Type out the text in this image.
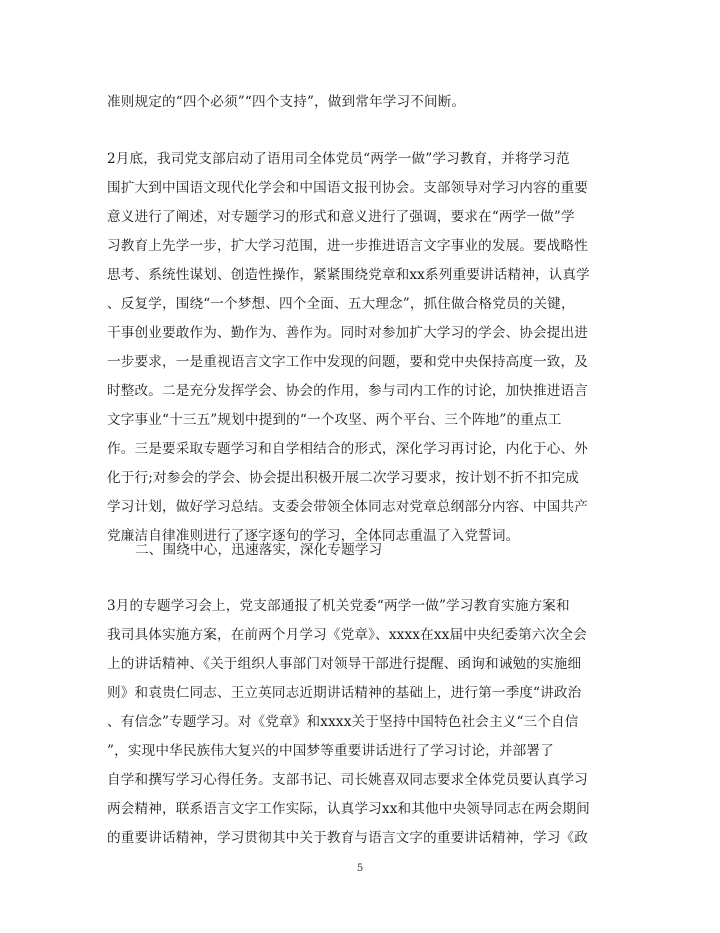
准则规定的“四个必须”“四个支持”，做到常年学习不间断。
2月底，我司党支部启动了语用司全体党员“两学一做”学习教育，并将学习范
围扩大到中国语文现代化学会和中国语文报刊协会。支部领导对学习内容的重要
意义进行了阐述，对专题学习的形式和意义进行了强调，要求在“两学一做”学
习教育上先学一步，扩大学习范围，进一步推进语言文字事业的发展。要战略性
思考、系统性谋划、创造性操作，紧紧围绕党章和xx系列重要讲话精神，认真学
、反复学，围绕“一个梦想、四个全面、五大理念”，抓住做合格党员的关键，
干事创业要敢作为、勤作为、善作为。同时对参加扩大学习的学会、协会提出进
一步要求，一是重视语言文字工作中发现的问题，要和党中央保持高度一致，及
时整改。二是充分发挥学会、协会的作用，参与司内工作的讨论，加快推进语言
文字事业“十三五”规划中提到的“一个攻坚、两个平台、三个阵地”的重点工
作。三是要采取专题学习和自学相结合的形式，深化学习再讨论，内化于心、外
化于行;对参会的学会、协会提出积极开展二次学习要求，按计划不折不扣完成
学习计划，做好学习总结。支委会带领全体同志对党章总纲部分内容、中国共产
党廉洁自律准则进行了逐字逐句的学习，全体同志重温了入党誓词。
二、围绕中心，迅速落实，深化专题学习
3月的专题学习会上，党支部通报了机关党委“两学一做”学习教育实施方案和
我司具体实施方案，在前两个月学习《党章》、xxxx在xx届中央纪委第六次全会
上的讲话精神、《关于组织人事部门对领导干部进行提醒、函询和诫勉的实施细
则》和袁贵仁同志、王立英同志近期讲话精神的基础上，进行第一季度“讲政治
、有信念”专题学习。对《党章》和xxxx关于坚持中国特色社会主义“三个自信
”，实现中华民族伟大复兴的中国梦等重要讲话进行了学习讨论，并部署了
自学和撰写学习心得任务。支部书记、司长姚喜双同志要求全体党员要认真学习
两会精神，联系语言文字工作实际，认真学习xx和其他中央领导同志在两会期间
的重要讲话精神，学习贯彻其中关于教育与语言文字的重要讲话精神，学习《政
5
